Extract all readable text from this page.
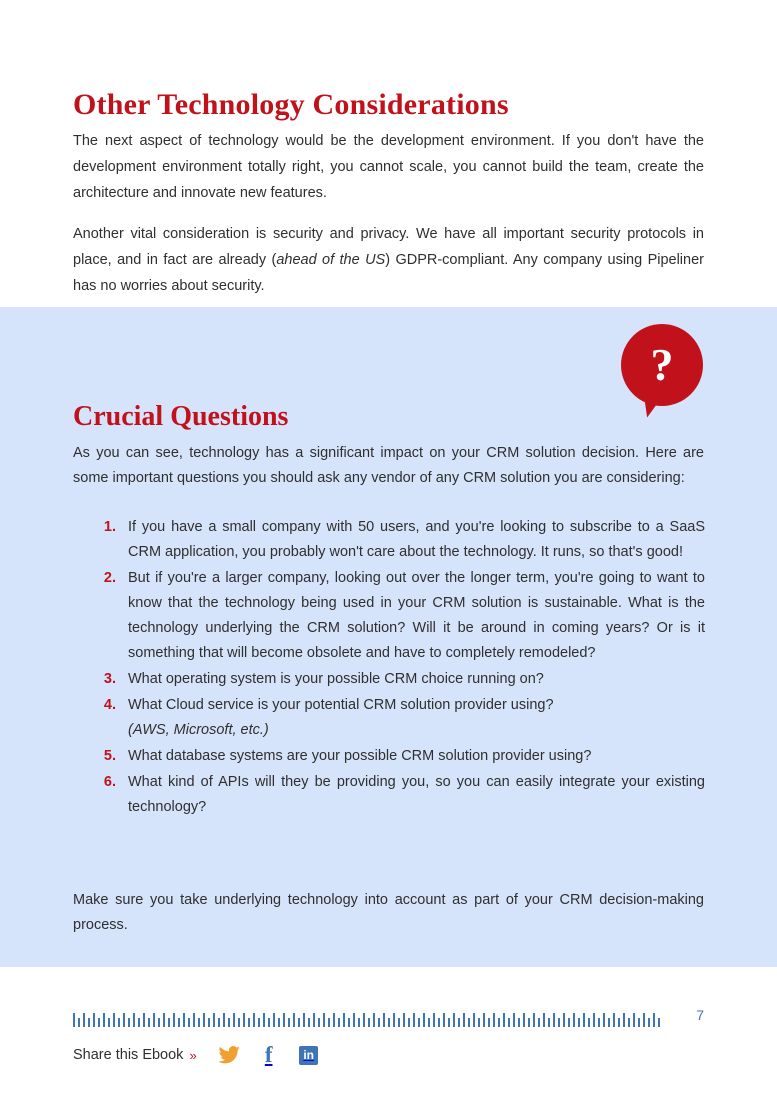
Other Technology Considerations

The next aspect of technology would be the development environment. If you don't have the development environment totally right, you cannot scale, you cannot build the team, create the architecture and innovate new features.

Another vital consideration is security and privacy. We have all important security protocols in place, and in fact are already (ahead of the US) GDPR-compliant. Any company using Pipeliner has no worries about security.

?
Crucial Questions

As you can see, technology has a significant impact on your CRM solution decision. Here are some important questions you should ask any vendor of any CRM solution you are considering:

1. If you have a small company with 50 users, and you're looking to subscribe to a SaaS CRM application, you probably won't care about the technology. It runs, so that's good!
2. But if you're a larger company, looking out over the longer term, you're going to want to know that the technology being used in your CRM solution is sustainable. What is the technology underlying the CRM solution? Will it be around in coming years? Or is it something that will become obsolete and have to completely remodeled?
3. What operating system is your possible CRM choice running on?
4. What Cloud service is your potential CRM solution provider using?
(AWS, Microsoft, etc.)
5. What database systems are your possible CRM solution provider using?
6. What kind of APIs will they be providing you, so you can easily integrate your existing technology?

Make sure you take underlying technology into account as part of your CRM decision-making process.

7
Share this Ebook »	f	in
